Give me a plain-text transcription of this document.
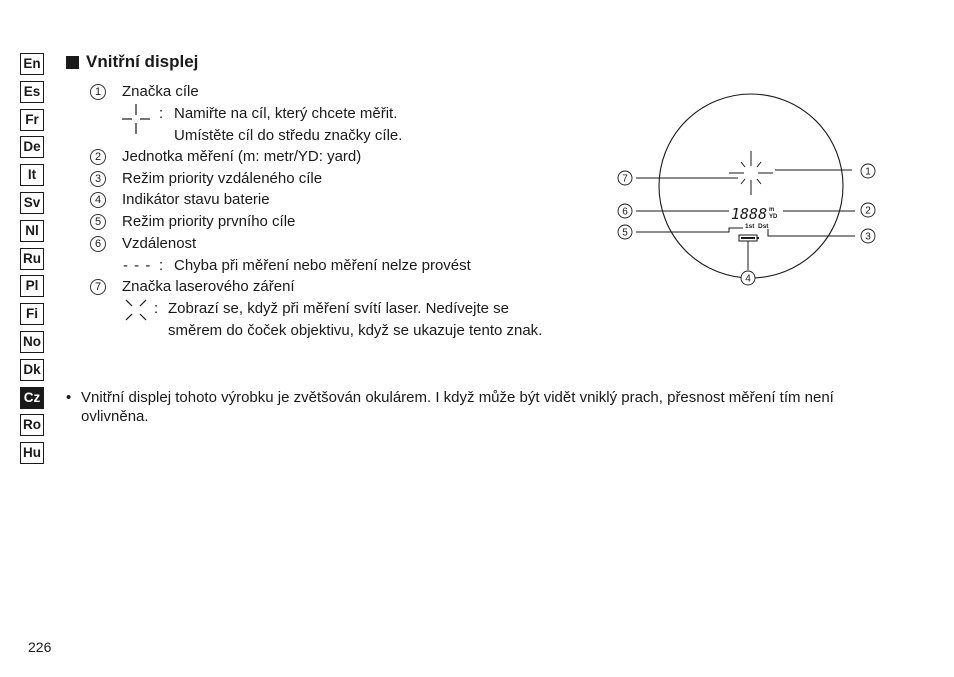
En
Es
Fr
De
It
Sv
Nl
Ru
Pl
Fi
No
Dk
Cz
Ro
Hu
Vnitřní displej
1	Značka cíle
: Namiřte na cíl, který chcete měřit.
Umístěte cíl do středu značky cíle.
2	Jednotka měření (m: metr/YD: yard)
3	Režim priority vzdáleného cíle
4	Indikátor stavu baterie
5	Režim priority prvního cíle
6	Vzdálenost
- - - : Chyba při měření nebo měření nelze provést
7	Značka laserového záření
: Zobrazí se, když při měření svítí laser. Nedívejte se
směrem do čoček objektivu, když se ukazuje tento znak.
1888 m
YD
1st Dst
1
2
3
4
5
6
7
• Vnitřní displej tohoto výrobku je zvětšován okulárem. I když může být vidět vniklý prach, přesnost měření tím není ovlivněna.
226
